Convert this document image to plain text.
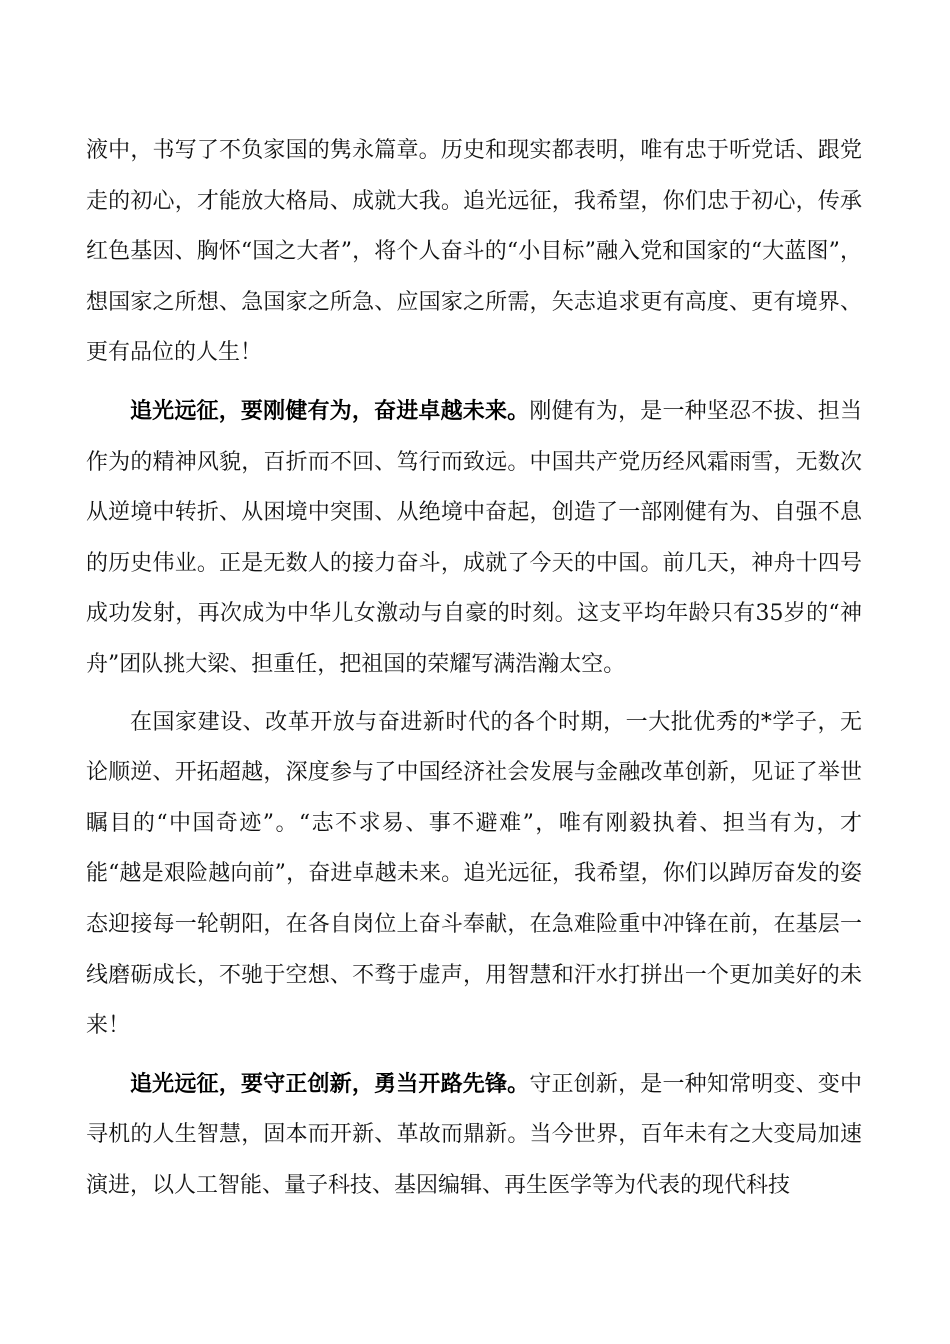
液中，书写了不负家国的隽永篇章。历史和现实都表明，唯有忠于听党话、跟党走的初心，才能放大格局、成就大我。追光远征，我希望，你们忠于初心，传承红色基因、胸怀“国之大者”，将个人奋斗的“小目标”融入党和国家的“大蓝图”，想国家之所想、急国家之所急、应国家之所需，矢志追求更有高度、更有境界、更有品位的人生！

追光远征，要刚健有为，奋进卓越未来。刚健有为，是一种坚忍不拔、担当作为的精神风貌，百折而不回、笃行而致远。中国共产党历经风霜雨雪，无数次从逆境中转折、从困境中突围、从绝境中奋起，创造了一部刚健有为、自强不息的历史伟业。正是无数人的接力奋斗，成就了今天的中国。前几天，神舟十四号成功发射，再次成为中华儿女激动与自豪的时刻。这支平均年龄只有35岁的“神舟”团队挑大梁、担重任，把祖国的荣耀写满浩瀚太空。

在国家建设、改革开放与奋进新时代的各个时期，一大批优秀的*学子，无论顺逆、开拓超越，深度参与了中国经济社会发展与金融改革创新，见证了举世瞩目的“中国奇迹”。“志不求易、事不避难”，唯有刚毅执着、担当有为，才能“越是艰险越向前”，奋进卓越未来。追光远征，我希望，你们以踔厉奋发的姿态迎接每一轮朝阳，在各自岗位上奋斗奉献，在急难险重中冲锋在前，在基层一线磨砺成长，不驰于空想、不骛于虚声，用智慧和汗水打拼出一个更加美好的未来！

追光远征，要守正创新，勇当开路先锋。守正创新，是一种知常明变、变中寻机的人生智慧，固本而开新、革故而鼎新。当今世界，百年未有之大变局加速演进，以人工智能、量子科技、基因编辑、再生医学等为代表的现代科技
